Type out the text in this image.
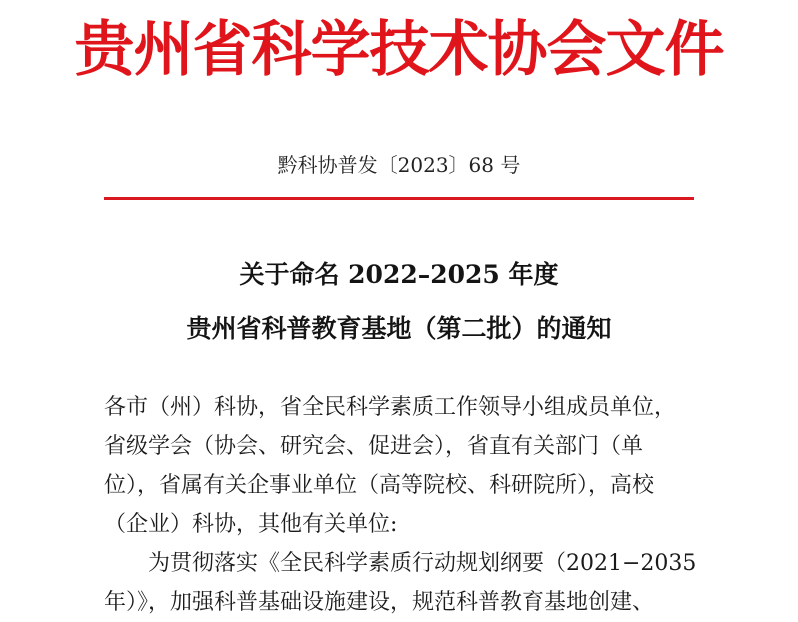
贵州省科学技术协会文件
黔科协普发〔2023〕68 号
关于命名 2022–2025 年度
贵州省科普教育基地（第二批）的通知
各市（州）科协，省全民科学素质工作领导小组成员单位，
省级学会（协会、研究会、促进会），省直有关部门（单
位），省属有关企事业单位（高等院校、科研院所），高校
（企业）科协，其他有关单位:
　为贯彻落实《全民科学素质行动规划纲要（2021−2035
年）》，加强科普基础设施建设，规范科普教育基地创建、
